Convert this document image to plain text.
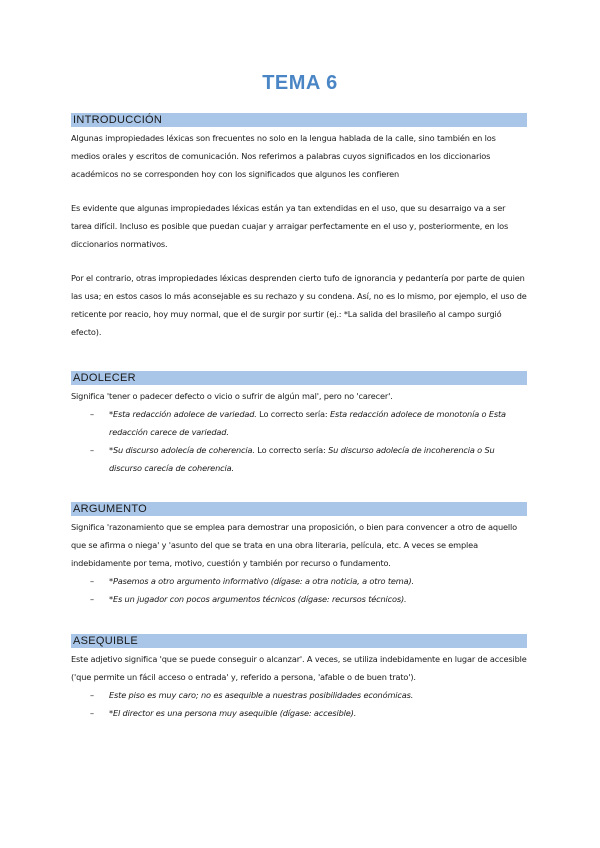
TEMA 6
INTRODUCCIÓN

Algunas impropiedades léxicas son frecuentes no solo en la lengua hablada de la calle, sino también en los medios orales y escritos de comunicación. Nos referimos a palabras cuyos significados en los diccionarios académicos no se corresponden hoy con los significados que algunos les confieren

Es evidente que algunas impropiedades léxicas están ya tan extendidas en el uso, que su desarraigo va a ser tarea difícil. Incluso es posible que puedan cuajar y arraigar perfectamente en el uso y, posteriormente, en los diccionarios normativos.

Por el contrario, otras impropiedades léxicas desprenden cierto tufo de ignorancia y pedantería por parte de quien las usa; en estos casos lo más aconsejable es su rechazo y su condena. Así, no es lo mismo, por ejemplo, el uso de reticente por reacio, hoy muy normal, que el de surgir por surtir (ej.: *La salida del brasileño al campo surgió efecto).

ADOLECER

Significa 'tener o padecer defecto o vicio o sufrir de algún mal', pero no 'carecer'.

– *Esta redacción adolece de variedad. Lo correcto sería: Esta redacción adolece de monotonía o Esta redacción carece de variedad.
– *Su discurso adolecía de coherencia. Lo correcto sería: Su discurso adolecía de incoherencia o Su discurso carecía de coherencia.
ARGUMENTO

Significa 'razonamiento que se emplea para demostrar una proposición, o bien para convencer a otro de aquello que se afirma o niega' y 'asunto del que se trata en una obra literaria, película, etc. A veces se emplea indebidamente por tema, motivo, cuestión y también por recurso o fundamento.

– *Pasemos a otro argumento informativo (dígase: a otra noticia, a otro tema).
– *Es un jugador con pocos argumentos técnicos (dígase: recursos técnicos).
ASEQUIBLE

Este adjetivo significa 'que se puede conseguir o alcanzar'. A veces, se utiliza indebidamente en lugar de accesible ('que permite un fácil acceso o entrada' y, referido a persona, 'afable o de buen trato').

– Este piso es muy caro; no es asequible a nuestras posibilidades económicas.
– *El director es una persona muy asequible (dígase: accesible).
